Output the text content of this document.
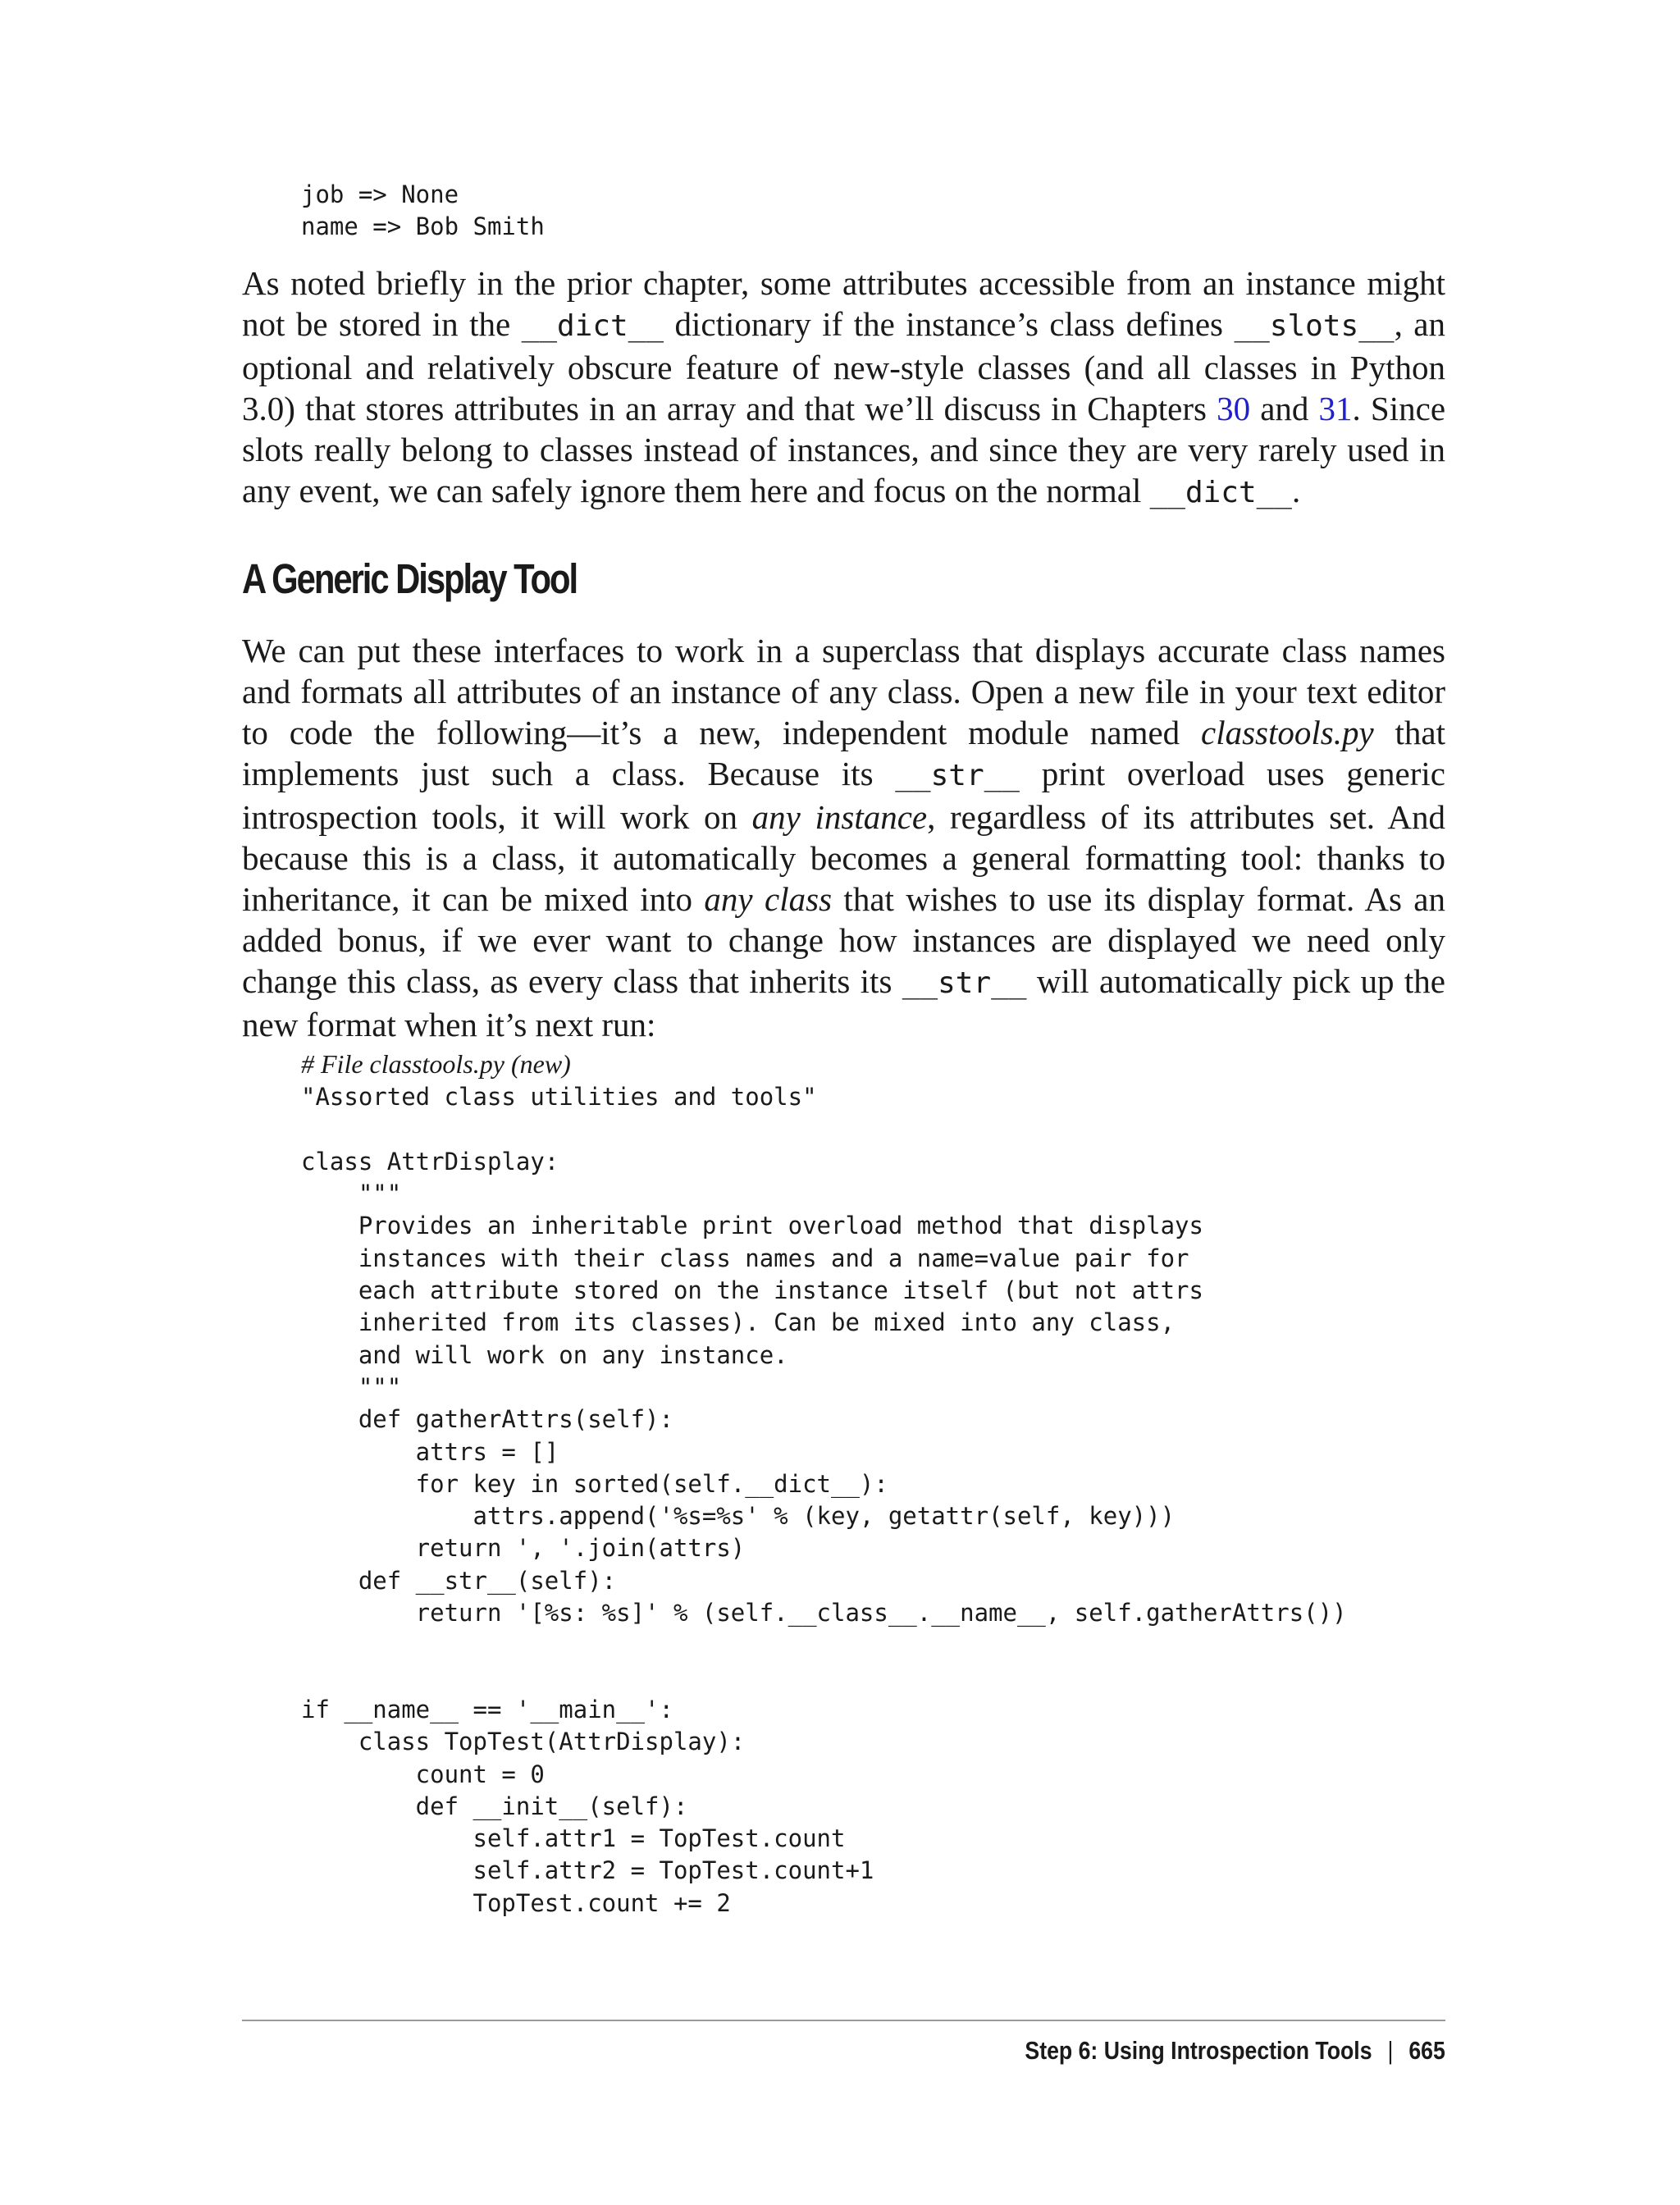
job => None
name => Bob Smith

As noted briefly in the prior chapter, some attributes accessible from an instance might not be stored in the __dict__ dictionary if the instance’s class defines __slots__, an optional and relatively obscure feature of new-style classes (and all classes in Python 3.0) that stores attributes in an array and that we’ll discuss in Chapters 30 and 31. Since slots really belong to classes instead of instances, and since they are very rarely used in any event, we can safely ignore them here and focus on the normal __dict__.

A Generic Display Tool

We can put these interfaces to work in a superclass that displays accurate class names and formats all attributes of an instance of any class. Open a new file in your text editor to code the following—it’s a new, independent module named classtools.py that implements just such a class. Because its __str__ print overload uses generic introspection tools, it will work on any instance, regardless of its attributes set. And because this is a class, it automatically becomes a general formatting tool: thanks to inheritance, it can be mixed into any class that wishes to use its display format. As an added bonus, if we ever want to change how instances are displayed we need only change this class, as every class that inherits its __str__ will automatically pick up the new format when it’s next run:

# File classtools.py (new)
"Assorted class utilities and tools"

class AttrDisplay:
"""
Provides an inheritable print overload method that displays
instances with their class names and a name=value pair for
each attribute stored on the instance itself (but not attrs
inherited from its classes). Can be mixed into any class,
and will work on any instance.
"""
def gatherAttrs(self):
attrs = []
for key in sorted(self.__dict__):
attrs.append('%s=%s' % (key, getattr(self, key)))
return ', '.join(attrs)
def __str__(self):
return '[%s: %s]' % (self.__class__.__name__, self.gatherAttrs())

if __name__ == '__main__':
class TopTest(AttrDisplay):
count = 0
def __init__(self):
self.attr1 = TopTest.count
self.attr2 = TopTest.count+1
TopTest.count += 2
Step 6: Using Introspection Tools | 665
